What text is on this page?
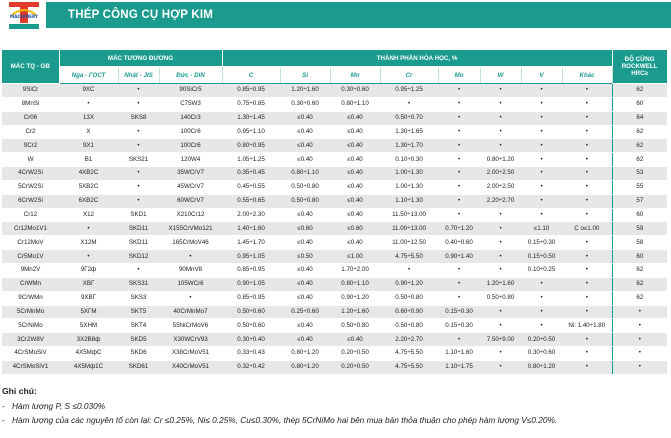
MACHINERY	THÉP CÔNG CỤ HỢP KIM
MÁC TQ - GB	MÁC TƯƠNG ĐƯƠNG			THÀNH PHẦN HÓA HỌC, %								ĐỘ CỨNG
ROCKWELL
HRC≥

	Nga - ГОСТ	Nhật - JIS	Đức - DIN	C	Si	Mn	Cr	Mo	W	V	Khác	
9SiCr	9XC	•	90SiCr5	0.85÷0.95	1.20÷1.60	0.30÷0.60	0.95÷1.25	•	•	•	•	62
8MnSi	•	•	C75W3	0.75÷0.85	0.30÷0.60	0.80÷1.10	•	•	•	•	•	60
Cr06	13X	SKS8	140Cr3	1.30÷1.45	≤0.40	≤0.40	0.50÷0.70	•	•	•	•	64
Cr2	X	•	100Cr6	0.95÷1.10	≤0.40	≤0.40	1.30÷1.65	•	•	•	•	62
9Cr2	9X1	•	100Cr6	0.80÷0.95	≤0.40	≤0.40	1.30÷1.70	•	•	•	•	62
W	B1	SKS21	120W4	1.05÷1.25	≤0.40	≤0.40	0.10÷0.30	•	0.80÷1.20	•	•	62
4CrW2Si	4XB2C	•	35WCrV7	0.35÷0.45	0.80÷1.10	≤0.40	1.00÷1.30	•	2.00÷2.50	•	•	53
5CrW2Si	5XB2C	•	45WCrV7	0.45÷0.55	0.50÷0.80	≤0.40	1.00÷1.30	•	2.00÷2.50	•	•	55
6CrW2Si	6XB2C	•	60WCrV7	0.55÷0.65	0.50÷0.80	≤0.40	1.10÷1.30	•	2.20÷2.70	•	•	57
Cr12	X12	SKD1	X210Cr12	2.00÷2.30	≤0.40	≤0.40	11.50÷13.00	•	•	•	•	60
Cr12Mo1V1	•	SKD11	X155CrVMo121	1.40÷1.60	≤0.60	≤0.60	11.00÷13.00	0.70÷1.20	•	≤1.10	C o≤1.00	59
Cr12MoV	X12M	SKD11	165CrMoV46	1.45÷1.70	≤0.40	≤0.40	11.00÷12.50	0.40÷0.60	•	0.15÷0.30	•	58
Cr5Mo1V	•	SKD12	•	0.95÷1.05	≤0.50	≤1.00	4.75÷5.50	0.90÷1.40	•	0.15÷0.50	•	60
9Mn2V	9Г2ф	•	90MnV8	0.85÷0.95	≤0.40	1.70÷2.00	•	•	•	0.10÷0.25	•	62
CrWMn	XBГ	SKS31	105WCr6	0.90÷1.05	≤0.40	0.80÷1.10	0.90÷1.20	•	1.20÷1.60	•	•	62
9CrWMn	9XBГ	SKS3	•	0.85÷0.95	≤0.40	0.90÷1.20	0.50÷0.80	•	0.50÷0.80	•	•	62
5CrMnMo	5XГM	SKT5	40CrMnMo7	0.50÷0.60	0.25÷0.60	1.20÷1.60	0.60÷0.90	0.15÷0.30	•	•	•	•
5CrNiMo	5XHM	SKT4	55NiCrMoV6	0.50÷0.60	≤0.40	0.50÷0.80	0.50÷0.80	0.15÷0.30	•	•	Ni: 1.40÷1.80	•
3Cr2W8V	3X2B8ф	SKD5	X30WCrV93	0.30÷0.40	≤0.40	≤0.40	2.20÷2.70	•	7.50÷9.00	0.20÷0.50	•	•
4CrSMoSiV	4X5MфC	SKD6	X38CrMoV51	0.33÷0.43	0.80÷1.20	0.20÷0.50	4.75÷5.50	1.10÷1.60	•	0.30÷0.60	•	•
4CrSMoSiV1	4X5Mф1C	SKD61	X40CrMoV51	0.32÷0.42	0.80÷1.20	0.20÷0.50	4.75÷5.50	1.10÷1.75	•	0.80÷1.20	•	•
Ghi chú:
- Hàm lượng P, S ≤0.030%
- Hàm lượng của các nguyên tố còn lại: Cr ≤0.25%, Ni≤ 0.25%, Cu≤0.30%, thép 5CrNiMo hai bên mua bán thỏa thuận cho phép hàm lượng V≤0.20%.
